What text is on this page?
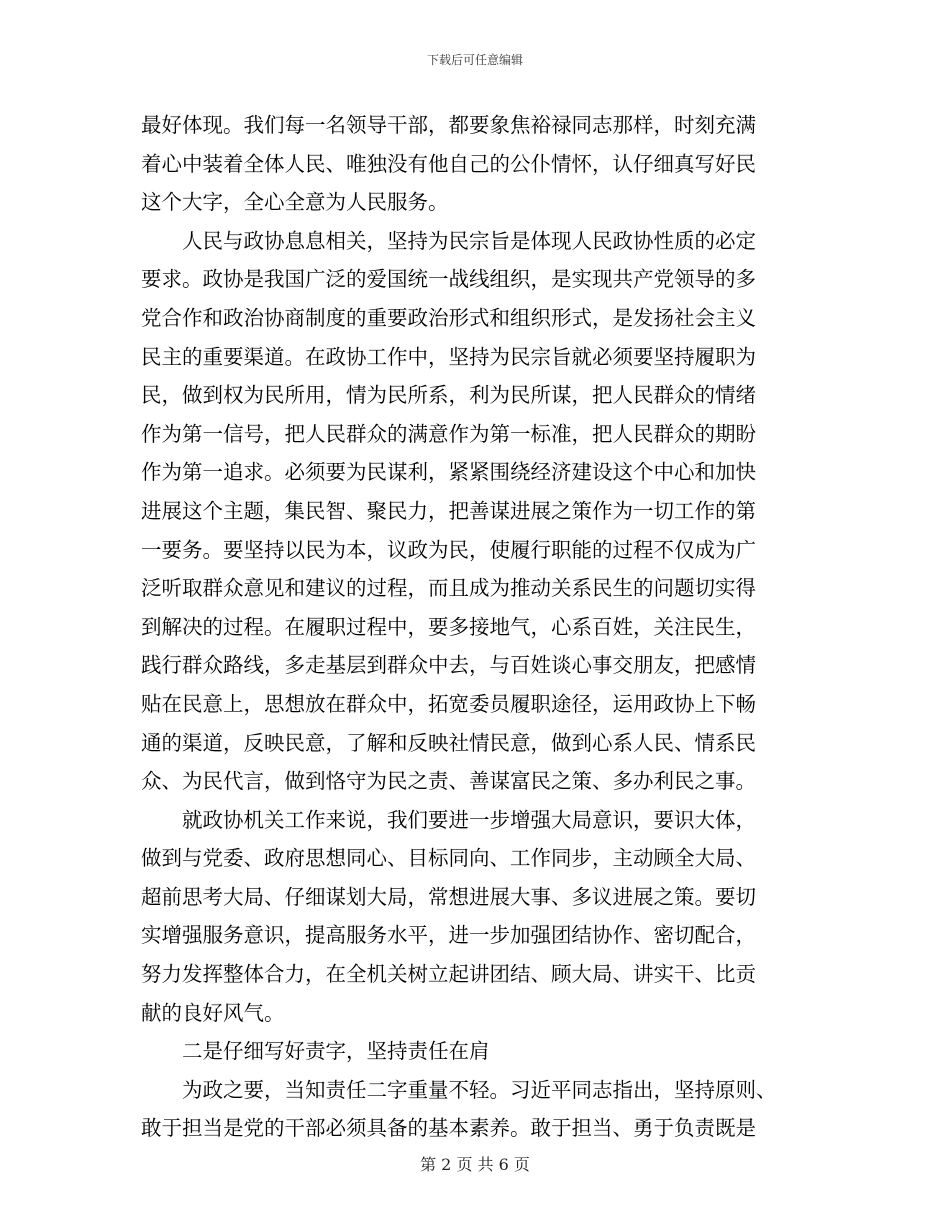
下载后可任意编辑
最好体现。我们每一名领导干部，都要象焦裕禄同志那样，时刻充满
着心中装着全体人民、唯独没有他自己的公仆情怀，认仔细真写好民
这个大字，全心全意为人民服务。
人民与政协息息相关，坚持为民宗旨是体现人民政协性质的必定
要求。政协是我国广泛的爱国统一战线组织，是实现共产党领导的多
党合作和政治协商制度的重要政治形式和组织形式，是发扬社会主义
民主的重要渠道。在政协工作中，坚持为民宗旨就必须要坚持履职为
民，做到权为民所用，情为民所系，利为民所谋，把人民群众的情绪
作为第一信号，把人民群众的满意作为第一标准，把人民群众的期盼
作为第一追求。必须要为民谋利，紧紧围绕经济建设这个中心和加快
进展这个主题，集民智、聚民力，把善谋进展之策作为一切工作的第
一要务。要坚持以民为本，议政为民，使履行职能的过程不仅成为广
泛听取群众意见和建议的过程，而且成为推动关系民生的问题切实得
到解决的过程。在履职过程中，要多接地气，心系百姓，关注民生，
践行群众路线，多走基层到群众中去，与百姓谈心事交朋友，把感情
贴在民意上，思想放在群众中，拓宽委员履职途径，运用政协上下畅
通的渠道，反映民意，了解和反映社情民意，做到心系人民、情系民
众、为民代言，做到恪守为民之责、善谋富民之策、多办利民之事。
就政协机关工作来说，我们要进一步增强大局意识，要识大体，
做到与党委、政府思想同心、目标同向、工作同步，主动顾全大局、
超前思考大局、仔细谋划大局，常想进展大事、多议进展之策。要切
实增强服务意识，提高服务水平，进一步加强团结协作、密切配合，
努力发挥整体合力，在全机关树立起讲团结、顾大局、讲实干、比贡
献的良好风气。
二是仔细写好责字，坚持责任在肩
为政之要，当知责任二字重量不轻。习近平同志指出，坚持原则、
敢于担当是党的干部必须具备的基本素养。敢于担当、勇于负责既是
第 2 页 共 6 页
